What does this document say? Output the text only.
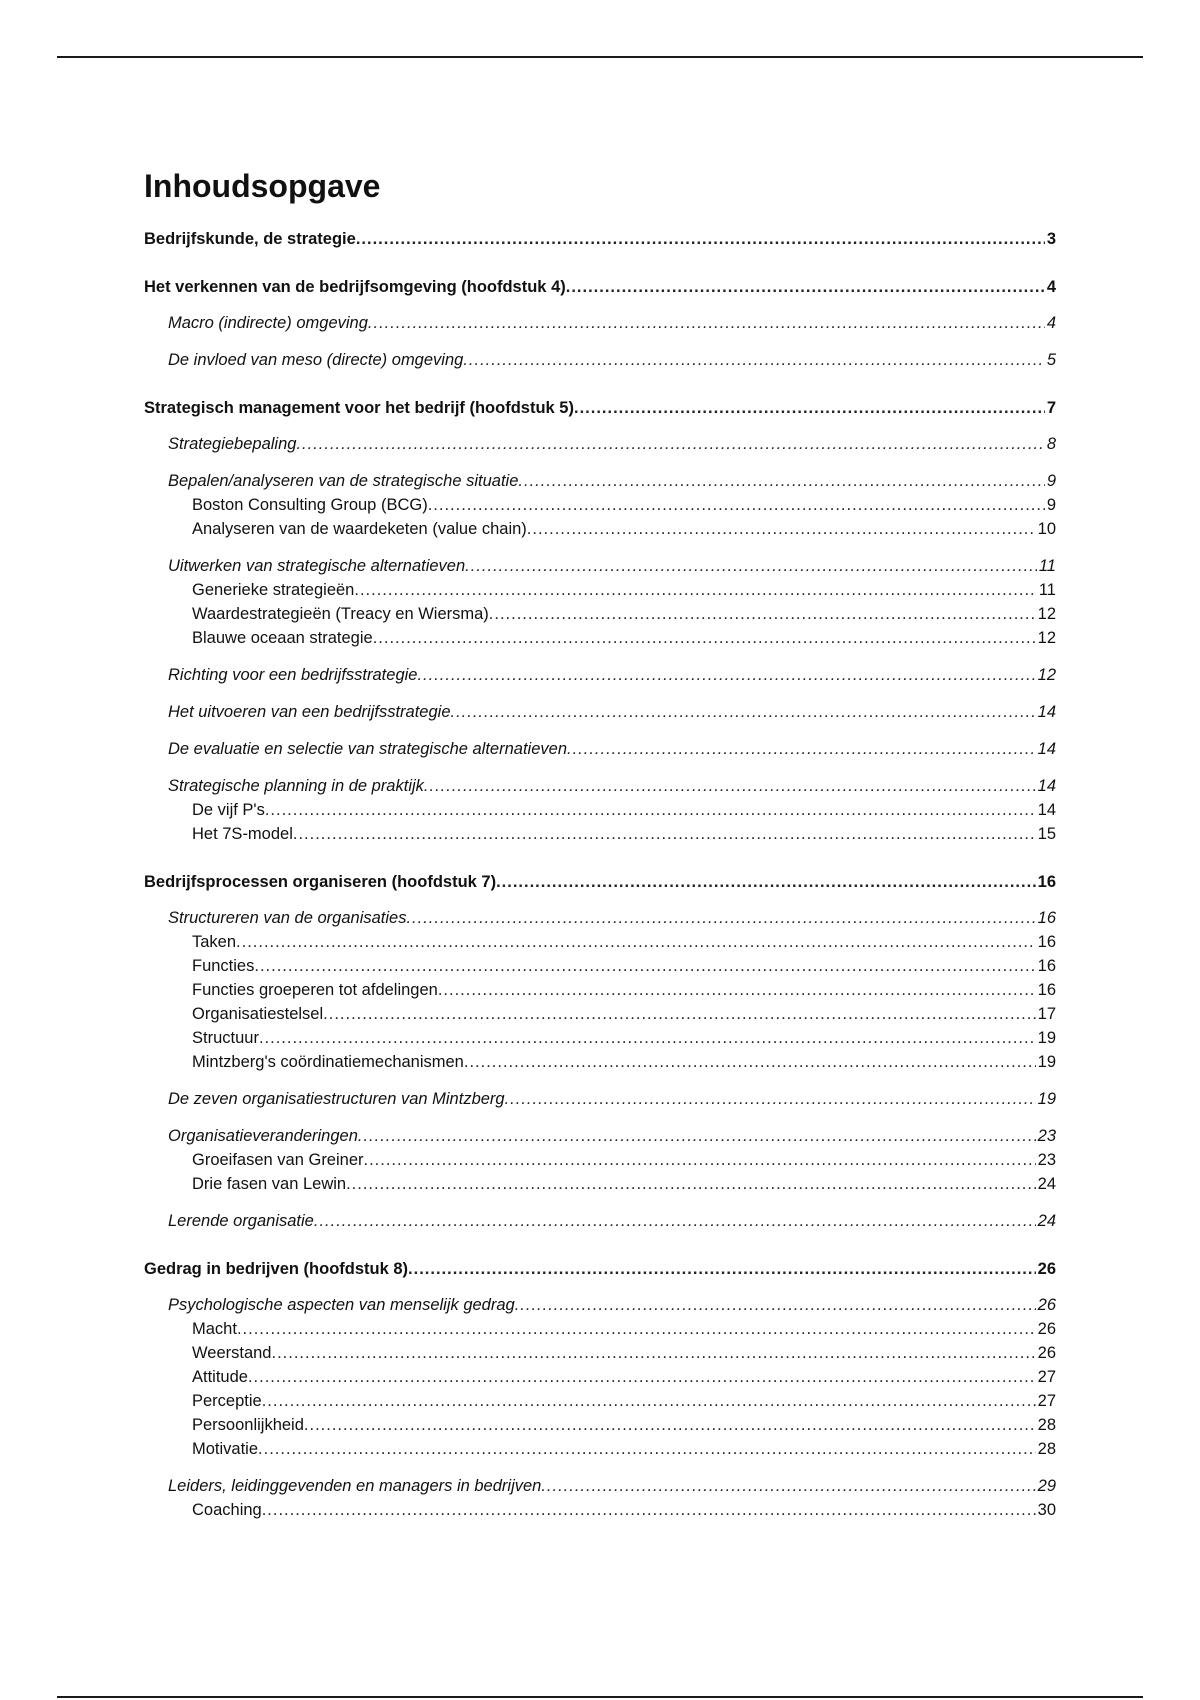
Inhoudsopgave
Bedrijfskunde, de strategie .....	3
Het verkennen van de bedrijfsomgeving (hoofdstuk 4) .....	4
Macro (indirecte) omgeving .....	4
De invloed van meso (directe) omgeving .....	5
Strategisch management voor het bedrijf (hoofdstuk 5) .....	7
Strategiebepaling .....	8
Bepalen/analyseren van de strategische situatie .....	9
Boston Consulting Group (BCG) .....	9
Analyseren van de waardeketen (value chain) .....	10
Uitwerken van strategische alternatieven .....	11
Generieke strategieën .....	11
Waardestrategieën (Treacy en Wiersma) .....	12
Blauwe oceaan strategie .....	12
Richting voor een bedrijfsstrategie .....	12
Het uitvoeren van een bedrijfsstrategie .....	14
De evaluatie en selectie van strategische alternatieven .....	14
Strategische planning in de praktijk .....	14
De vijf P's .....	14
Het 7S-model .....	15
Bedrijfsprocessen organiseren (hoofdstuk 7) .....	16
Structureren van de organisaties .....	16
Taken .....	16
Functies .....	16
Functies groeperen tot afdelingen .....	16
Organisatiestelsel .....	17
Structuur .....	19
Mintzberg's coördinatiemechanismen .....	19
De zeven organisatiestructuren van Mintzberg .....	19
Organisatieveranderingen .....	23
Groeifasen van Greiner .....	23
Drie fasen van Lewin .....	24
Lerende organisatie .....	24
Gedrag in bedrijven (hoofdstuk 8) .....	26
Psychologische aspecten van menselijk gedrag .....	26
Macht .....	26
Weerstand .....	26
Attitude .....	27
Perceptie .....	27
Persoonlijkheid .....	28
Motivatie .....	28
Leiders, leidinggevenden en managers in bedrijven .....	29
Coaching .....	30
